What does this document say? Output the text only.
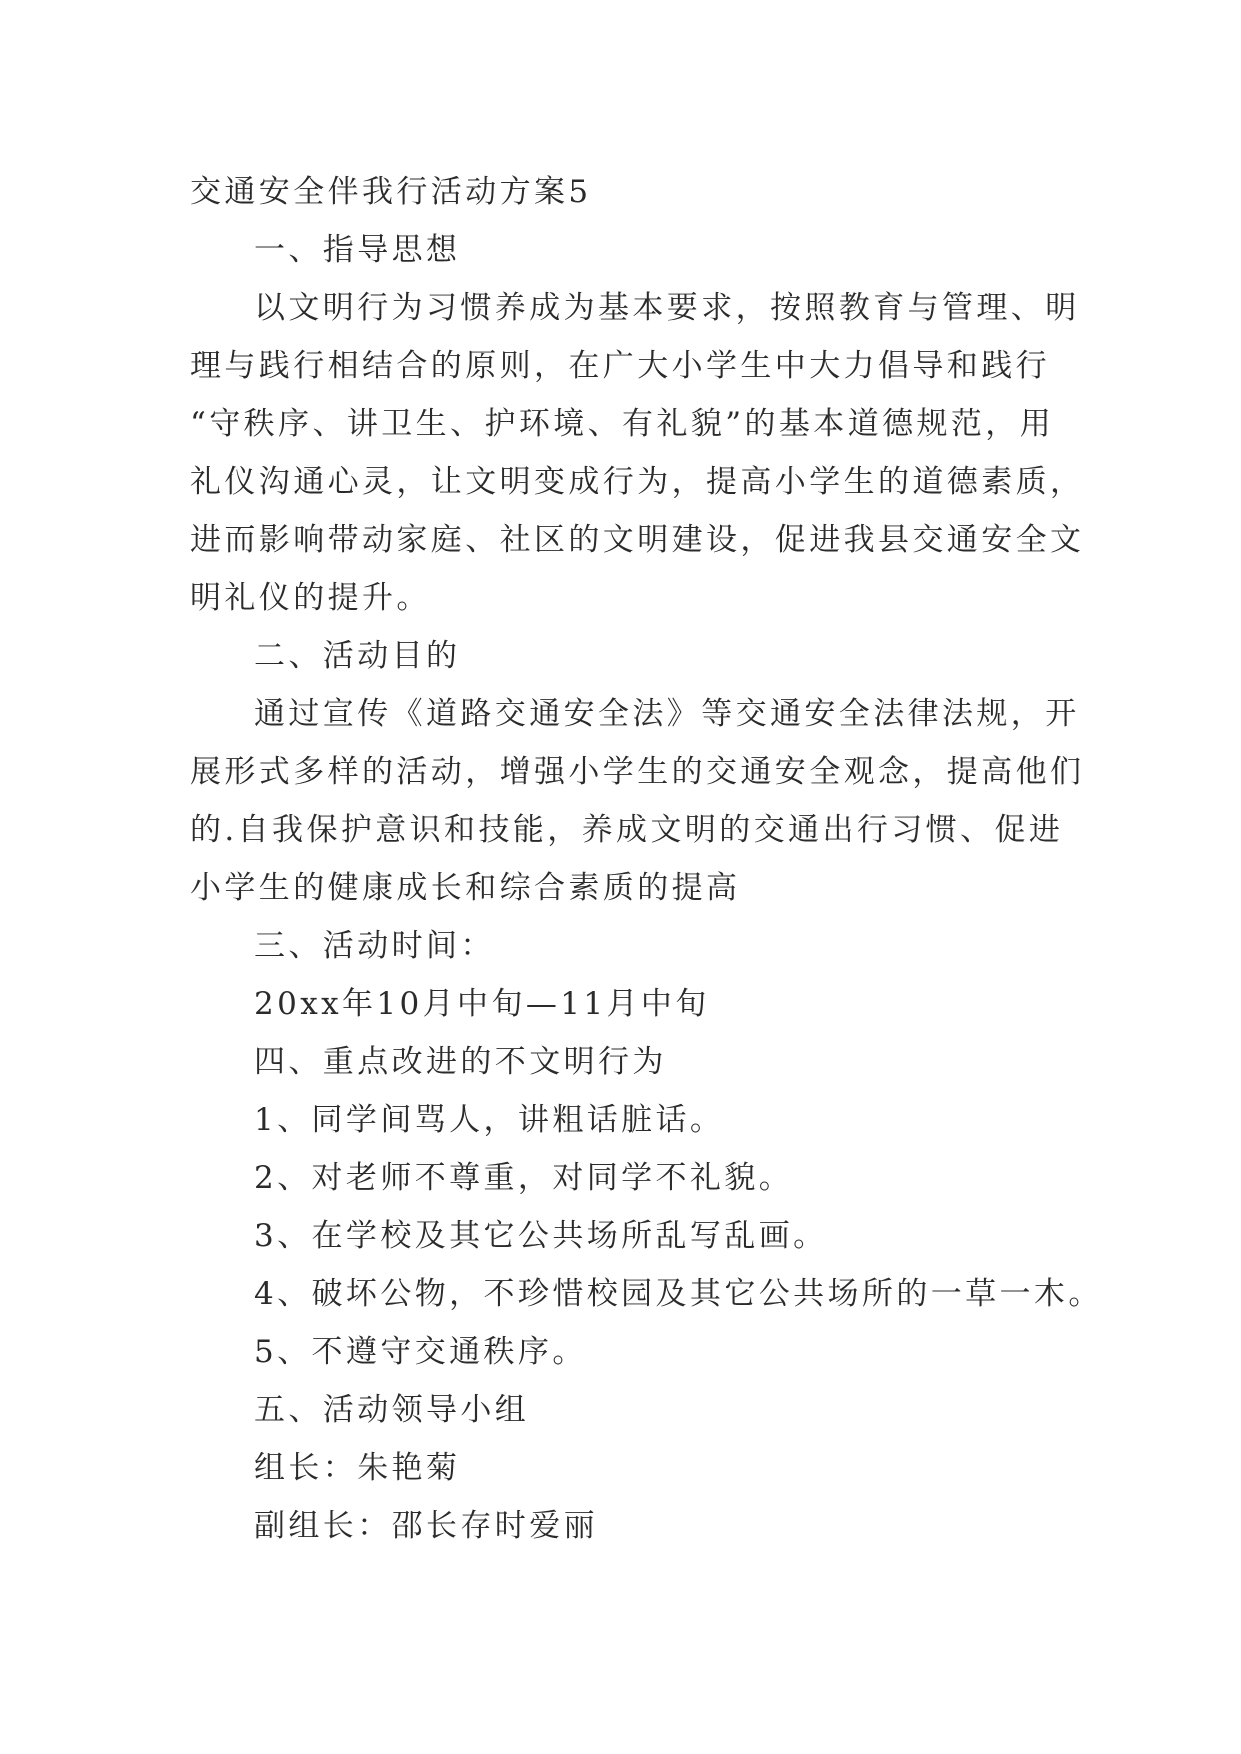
交通安全伴我行活动方案5
一、指导思想
以文明行为习惯养成为基本要求，按照教育与管理、明
理与践行相结合的原则，在广大小学生中大力倡导和践行
“守秩序、讲卫生、护环境、有礼貌”的基本道德规范，用
礼仪沟通心灵，让文明变成行为，提高小学生的道德素质，
进而影响带动家庭、社区的文明建设，促进我县交通安全文
明礼仪的提升。
二、活动目的
通过宣传《道路交通安全法》等交通安全法律法规，开
展形式多样的活动，增强小学生的交通安全观念，提高他们
的.自我保护意识和技能，养成文明的交通出行习惯、促进
小学生的健康成长和综合素质的提高
三、活动时间：
20xx年10月中旬—11月中旬
四、重点改进的不文明行为
1、同学间骂人，讲粗话脏话。
2、对老师不尊重，对同学不礼貌。
3、在学校及其它公共场所乱写乱画。
4、破坏公物，不珍惜校园及其它公共场所的一草一木。
5、不遵守交通秩序。
五、活动领导小组
组长：朱艳菊
副组长：邵长存时爱丽
